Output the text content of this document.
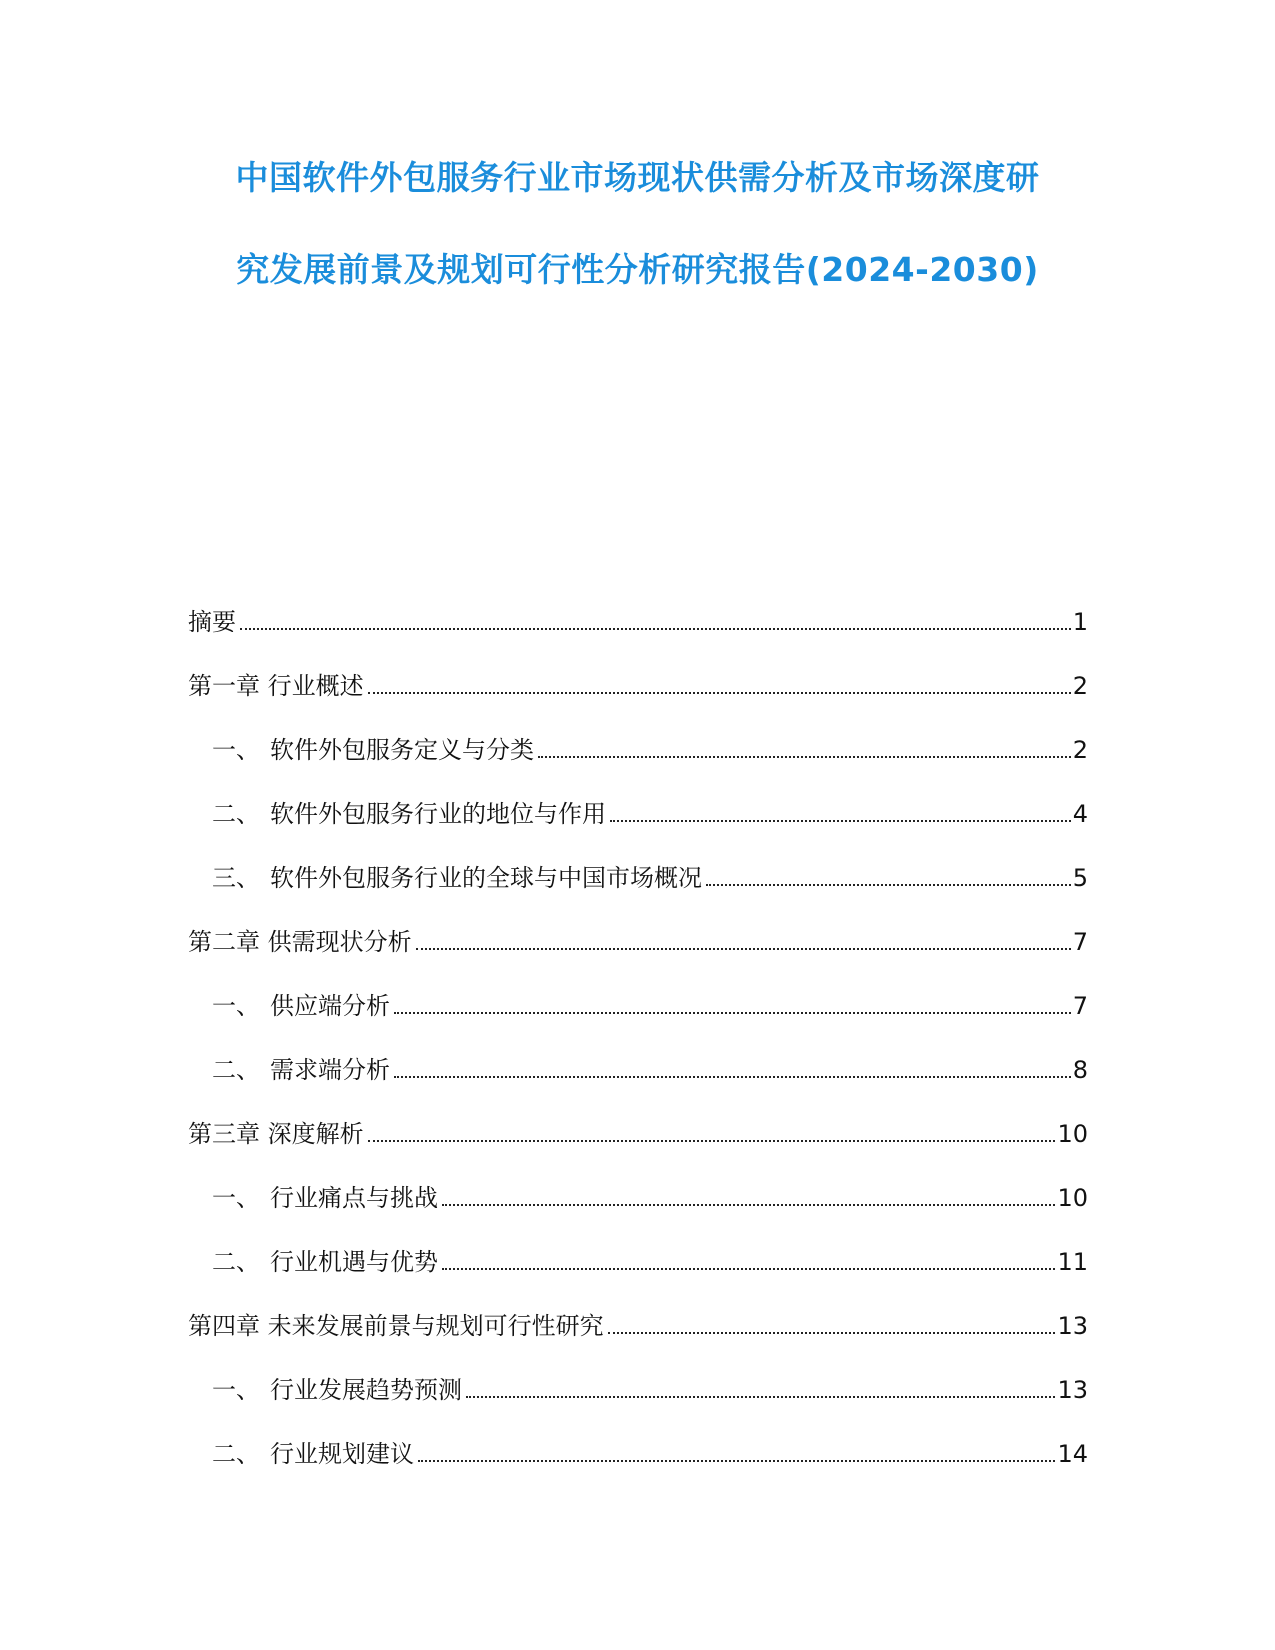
中国软件外包服务行业市场现状供需分析及市场深度研
究发展前景及规划可行性分析研究报告(2024-2030)
摘要	1
第一章 行业概述	2
一、 软件外包服务定义与分类	2
二、 软件外包服务行业的地位与作用	4
三、 软件外包服务行业的全球与中国市场概况	5
第二章 供需现状分析	7
一、 供应端分析	7
二、 需求端分析	8
第三章 深度解析	10
一、 行业痛点与挑战	10
二、 行业机遇与优势	11
第四章 未来发展前景与规划可行性研究	13
一、 行业发展趋势预测	13
二、 行业规划建议	14
